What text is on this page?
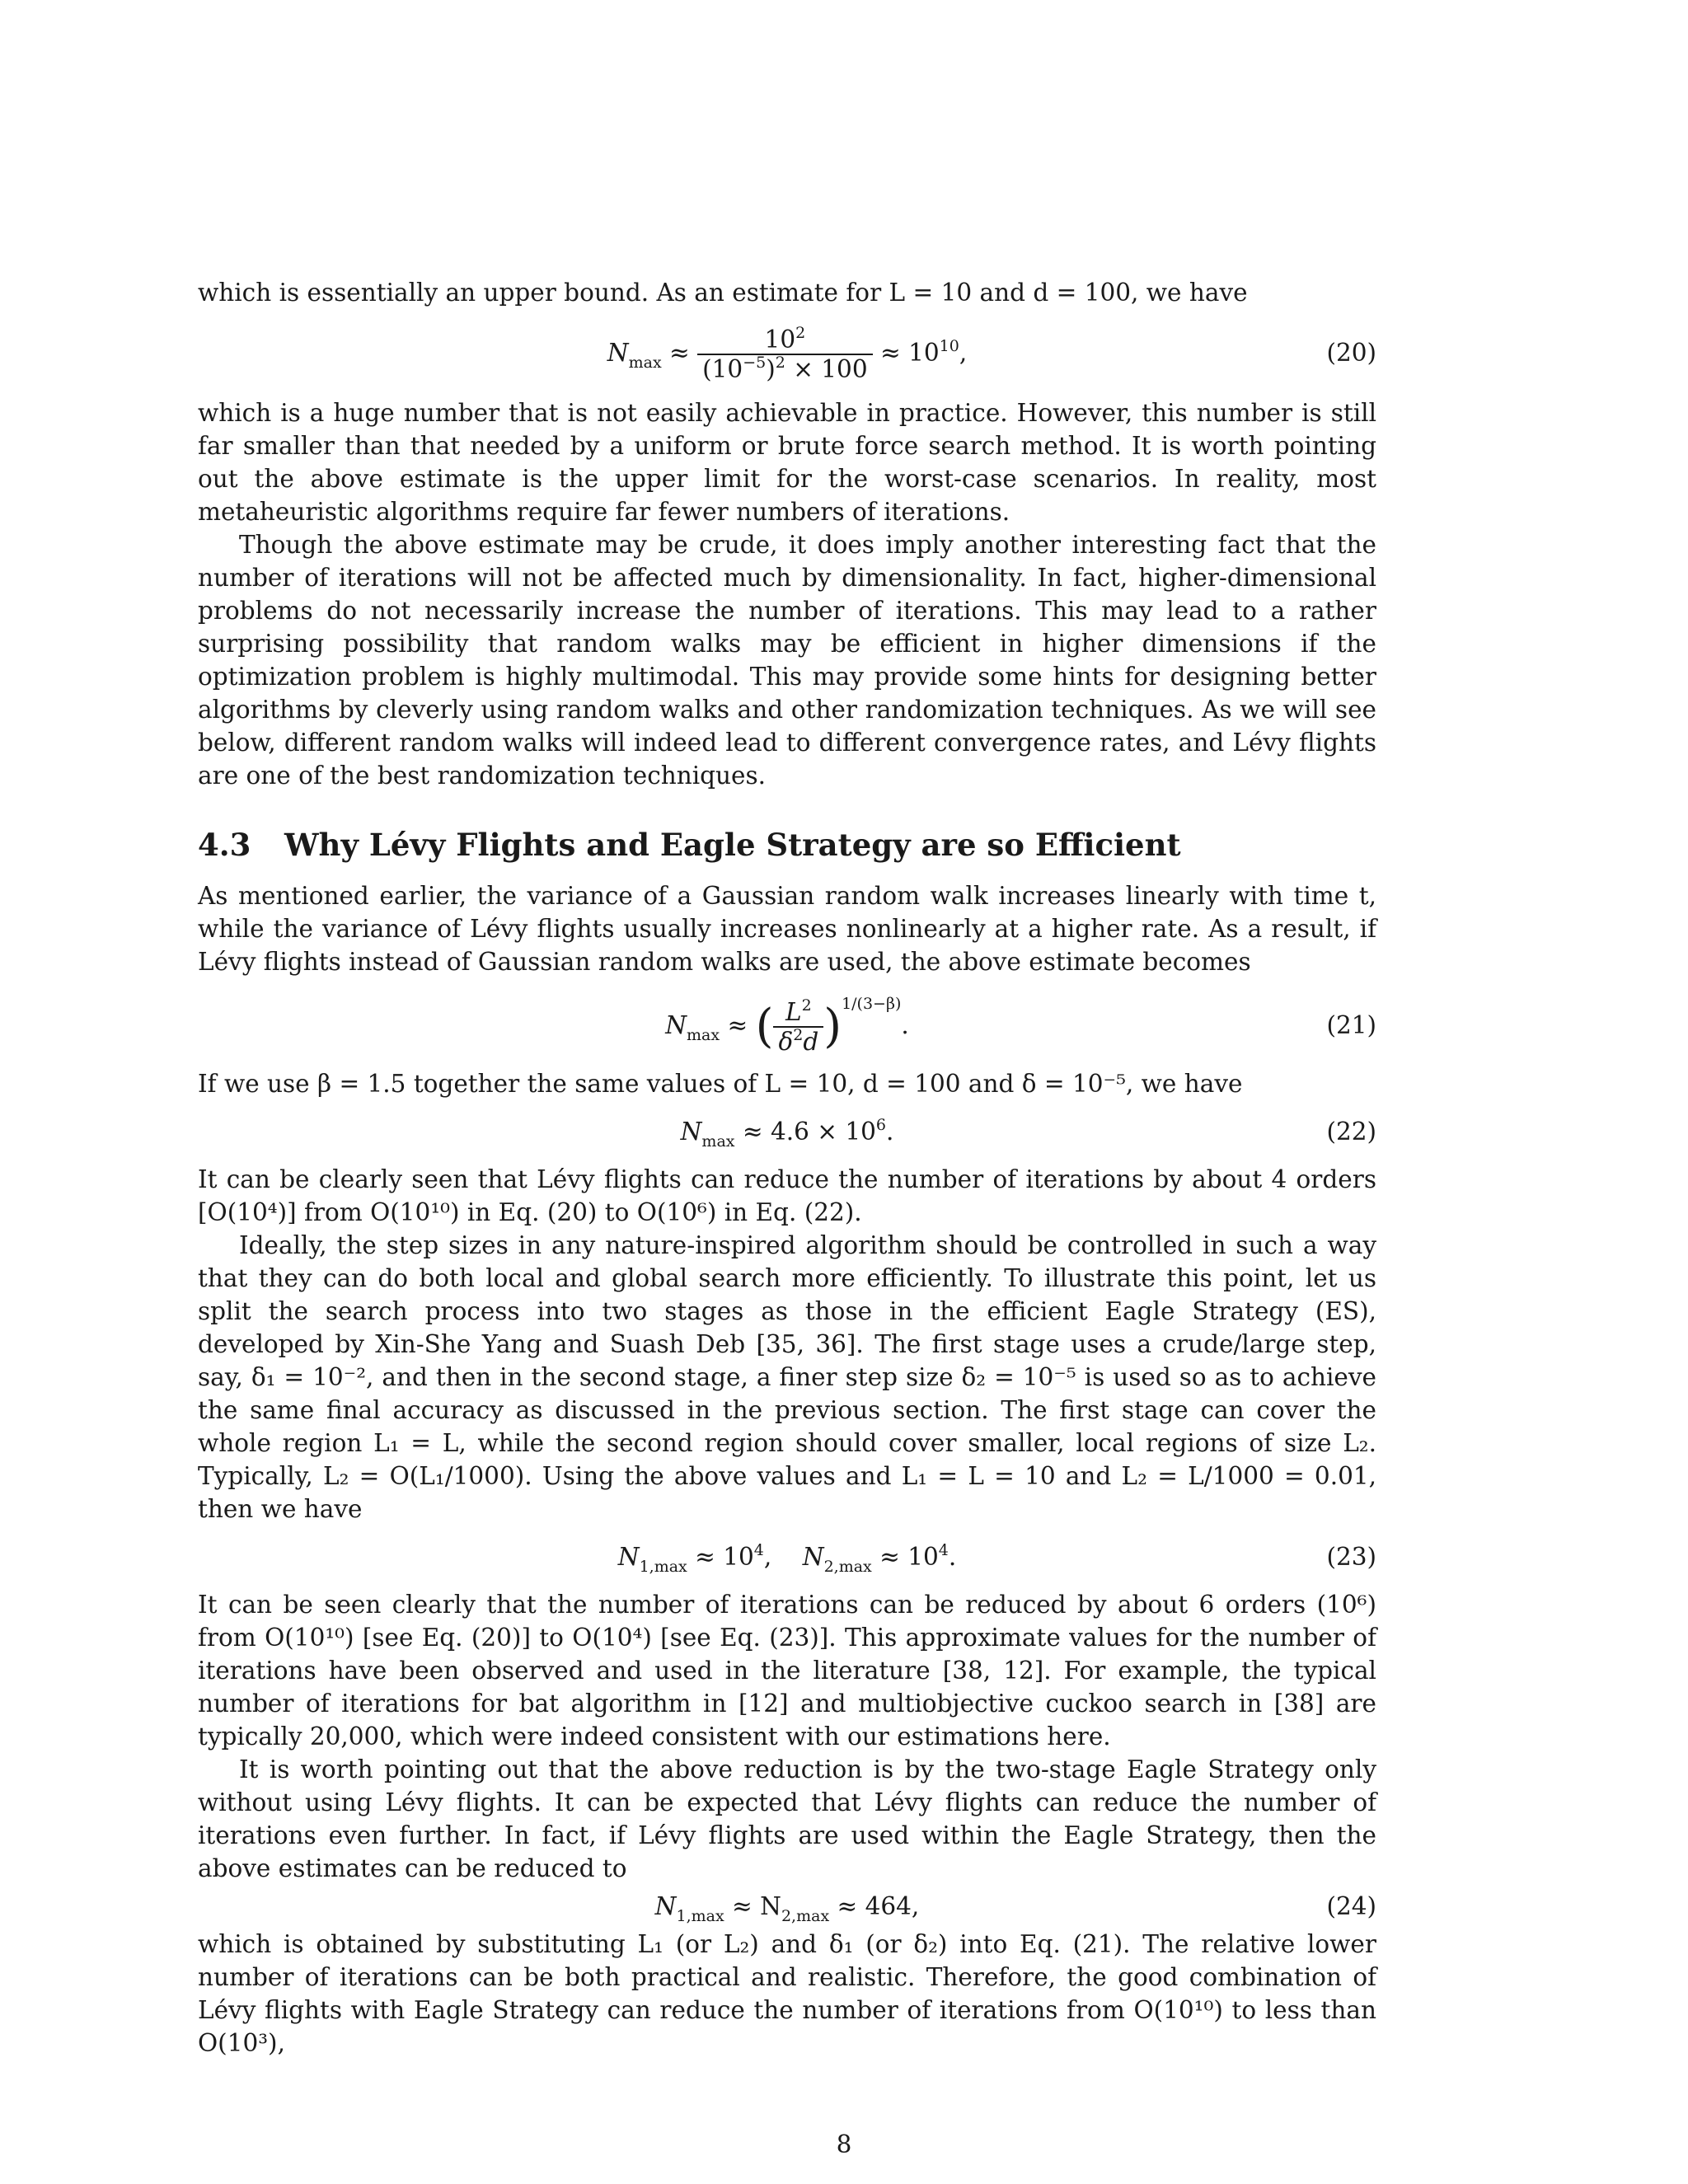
which is essentially an upper bound. As an estimate for L = 10 and d = 100, we have

$N_{max} \approx \frac{10^2}{(10^{-5})^2 \times 100} \approx 10^{10}$,	(20)

which is a huge number that is not easily achievable in practice. However, this number is still far smaller than that needed by a uniform or brute force search method. It is worth pointing out the above estimate is the upper limit for the worst-case scenarios. In reality, most metaheuristic algorithms require far fewer numbers of iterations.

Though the above estimate may be crude, it does imply another interesting fact that the number of iterations will not be affected much by dimensionality. In fact, higher-dimensional problems do not necessarily increase the number of iterations. This may lead to a rather surprising possibility that random walks may be efficient in higher dimensions if the optimization problem is highly multimodal. This may provide some hints for designing better algorithms by cleverly using random walks and other randomization techniques. As we will see below, different random walks will indeed lead to different convergence rates, and Lévy flights are one of the best randomization techniques.

4.3 Why Lévy Flights and Eagle Strategy are so Efficient

As mentioned earlier, the variance of a Gaussian random walk increases linearly with time t, while the variance of Lévy flights usually increases nonlinearly at a higher rate. As a result, if Lévy flights instead of Gaussian random walks are used, the above estimate becomes

$N_{max}$ ≈ ( $\frac{L^2}{\delta^2d} )^{1/(3-\beta)}$.	(21)

If we use β = 1.5 together the same values of L = 10, d = 100 and δ = 10⁻⁵, we have

$N_{max} \approx 4.6 \times 10^6$.	(22)

It can be clearly seen that Lévy flights can reduce the number of iterations by about 4 orders [O(10⁴)] from O(10¹⁰) in Eq. (20) to O(10⁶) in Eq. (22).

Ideally, the step sizes in any nature-inspired algorithm should be controlled in such a way that they can do both local and global search more efficiently. To illustrate this point, let us split the search process into two stages as those in the efficient Eagle Strategy (ES), developed by Xin-She Yang and Suash Deb [35, 36]. The first stage uses a crude/large step, say, δ₁ = 10⁻², and then in the second stage, a finer step size δ₂ = 10⁻⁵ is used so as to achieve the same final accuracy as discussed in the previous section. The first stage can cover the whole region L₁ = L, while the second region should cover smaller, local regions of size L₂. Typically, L₂ = O(L₁/1000). Using the above values and L₁ = L = 10 and L₂ = L/1000 = 0.01, then we have

$N_{1,max} \approx 10^4$,    $N_{2,max} \approx 10^4$.	(23)

It can be seen clearly that the number of iterations can be reduced by about 6 orders (10⁶) from O(10¹⁰) [see Eq. (20)] to O(10⁴) [see Eq. (23)]. This approximate values for the number of iterations have been observed and used in the literature [38, 12]. For example, the typical number of iterations for bat algorithm in [12] and multiobjective cuckoo search in [38] are typically 20,000, which were indeed consistent with our estimations here.

It is worth pointing out that the above reduction is by the two-stage Eagle Strategy only without using Lévy flights. It can be expected that Lévy flights can reduce the number of iterations even further. In fact, if Lévy flights are used within the Eagle Strategy, then the above estimates can be reduced to

$N_{1,max} \approx N_{2,max} \approx 464$,	(24)

which is obtained by substituting L₁ (or L₂) and δ₁ (or δ₂) into Eq. (21). The relative lower number of iterations can be both practical and realistic. Therefore, the good combination of Lévy flights with Eagle Strategy can reduce the number of iterations from O(10¹⁰) to less than O(10³),

8
